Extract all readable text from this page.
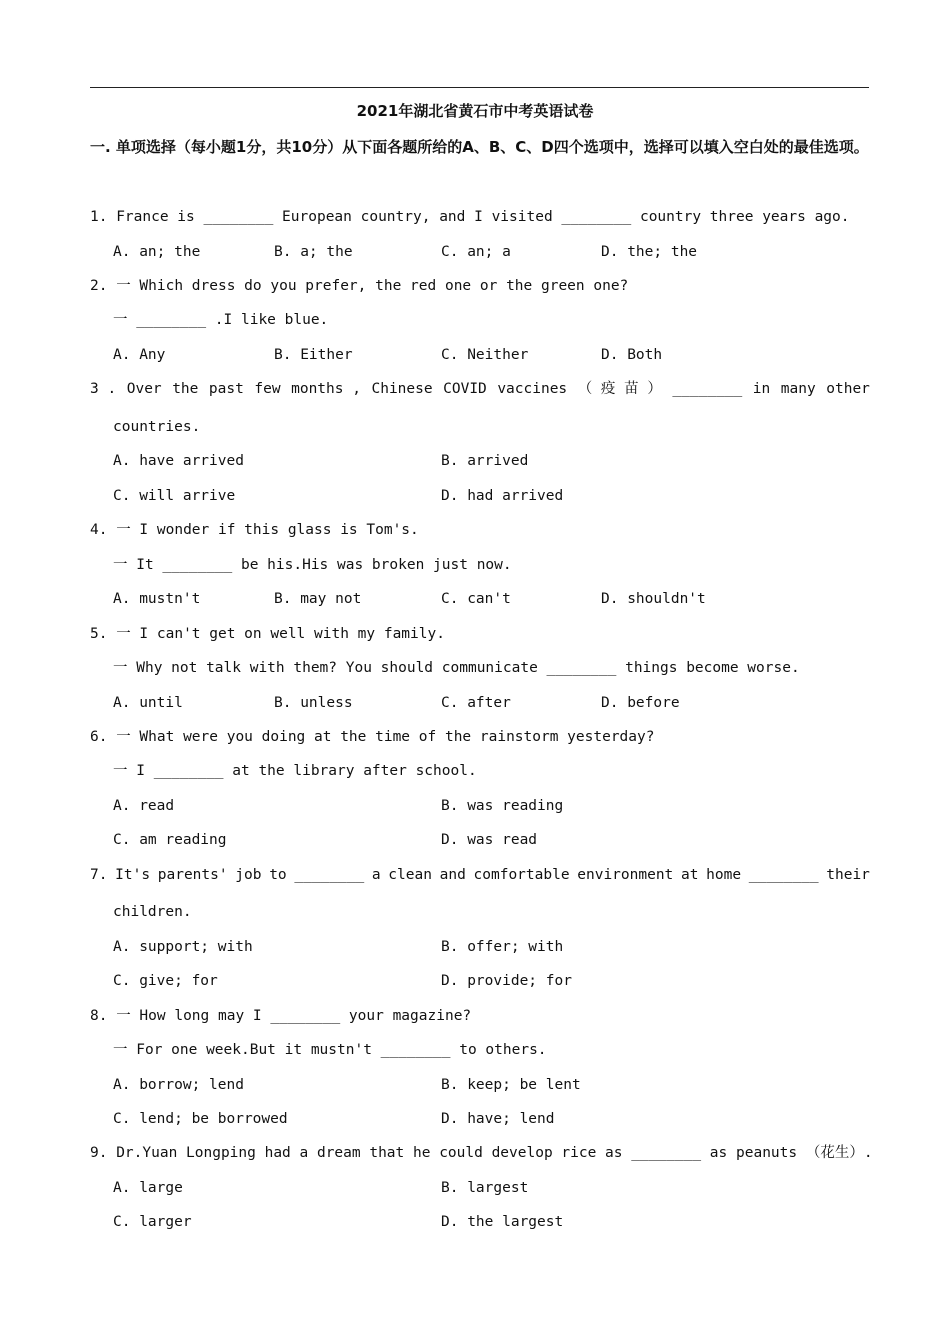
2021年湖北省黄石市中考英语试卷
一. 单项选择（每小题1分，共10分）从下面各题所给的A、B、C、D四个选项中，选择可以填入空白处的最佳选项。
1. France is ________ European country, and I visited ________ country three years ago.
A. an; the	B. a; the	C. an; a	D. the; the
2. 一 Which dress do you prefer, the red one or the green one?
一 ________ .I like blue.
A. Any	B. Either	C. Neither	D. Both
3 . Over the past few months , Chinese COVID vaccines （ 疫 苗 ） ________ in many other
countries.
A. have arrived	B. arrived
C. will arrive	D. had arrived
4. 一 I wonder if this glass is Tom's.
一 It ________ be his.His was broken just now.
A. mustn't	B. may not	C. can't	D. shouldn't
5. 一 I can't get on well with my family.
一 Why not talk with them? You should communicate ________ things become worse.
A. until	B. unless	C. after	D. before
6. 一 What were you doing at the time of the rainstorm yesterday?
一 I ________ at the library after school.
A. read	B. was reading
C. am reading	D. was read
7. It's parents' job to ________ a clean and comfortable environment at home ________ their
children.
A. support; with	B. offer; with
C. give; for	D. provide; for
8. 一 How long may I ________ your magazine?
一 For one week.But it mustn't ________ to others.
A. borrow; lend	B. keep; be lent
C. lend; be borrowed	D. have; lend
9. Dr.Yuan Longping had a dream that he could develop rice as ________ as peanuts （花生）.
A. large	B. largest
C. larger	D. the largest
